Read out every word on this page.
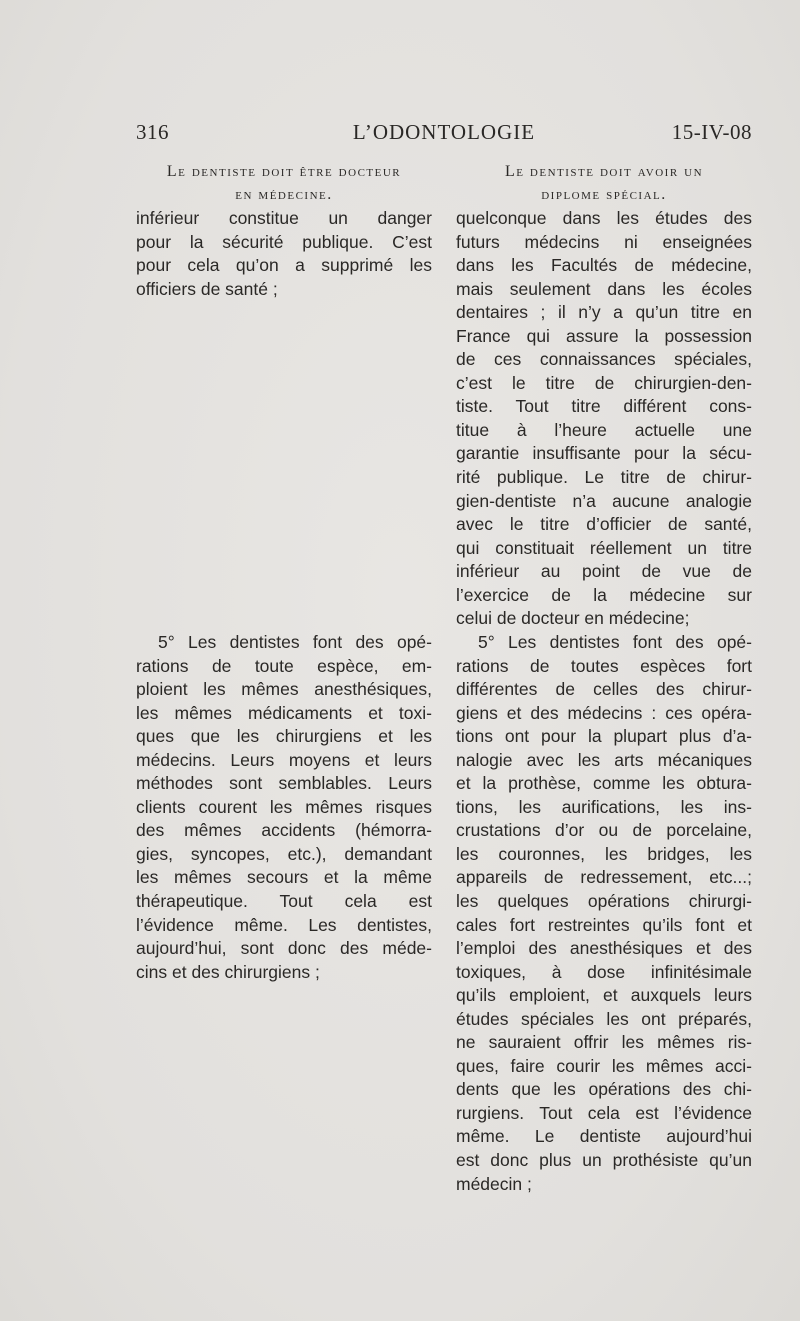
316	L’ODONTOLOGIE	15-IV-08
Le dentiste doit être docteur
en médecine.
inférieur constitue un danger
pour la sécurité publique. C’est
pour cela qu’on a supprimé les
officiers de santé ;
5° Les dentistes font des opé-
rations de toute espèce, em-
ploient les mêmes anesthésiques,
les mêmes médicaments et toxi-
ques que les chirurgiens et les
médecins. Leurs moyens et leurs
méthodes sont semblables. Leurs
clients courent les mêmes risques
des mêmes accidents (hémorra-
gies, syncopes, etc.), demandant
les mêmes secours et la même
thérapeutique. Tout cela est
l’évidence même. Les dentistes,
aujourd’hui, sont donc des méde-
cins et des chirurgiens ;
Le dentiste doit avoir un
diplome spécial.
quelconque dans les études des
futurs médecins ni enseignées
dans les Facultés de médecine,
mais seulement dans les écoles
dentaires ; il n’y a qu’un titre en
France qui assure la possession
de ces connaissances spéciales,
c’est le titre de chirurgien-den-
tiste. Tout titre différent cons-
titue à l’heure actuelle une
garantie insuffisante pour la sécu-
rité publique. Le titre de chirur-
gien-dentiste n’a aucune analogie
avec le titre d’officier de santé,
qui constituait réellement un titre
inférieur au point de vue de
l’exercice de la médecine sur
celui de docteur en médecine;
5° Les dentistes font des opé-
rations de toutes espèces fort
différentes de celles des chirur-
giens et des médecins : ces opéra-
tions ont pour la plupart plus d’a-
nalogie avec les arts mécaniques
et la prothèse, comme les obtura-
tions, les aurifications, les ins-
crustations d’or ou de porcelaine,
les couronnes, les bridges, les
appareils de redressement, etc...;
les quelques opérations chirurgi-
cales fort restreintes qu’ils font et
l’emploi des anesthésiques et des
toxiques, à dose infinitésimale
qu’ils emploient, et auxquels leurs
études spéciales les ont préparés,
ne sauraient offrir les mêmes ris-
ques, faire courir les mêmes acci-
dents que les opérations des chi-
rurgiens. Tout cela est l’évidence
même. Le dentiste aujourd’hui
est donc plus un prothésiste qu’un
médecin ;
